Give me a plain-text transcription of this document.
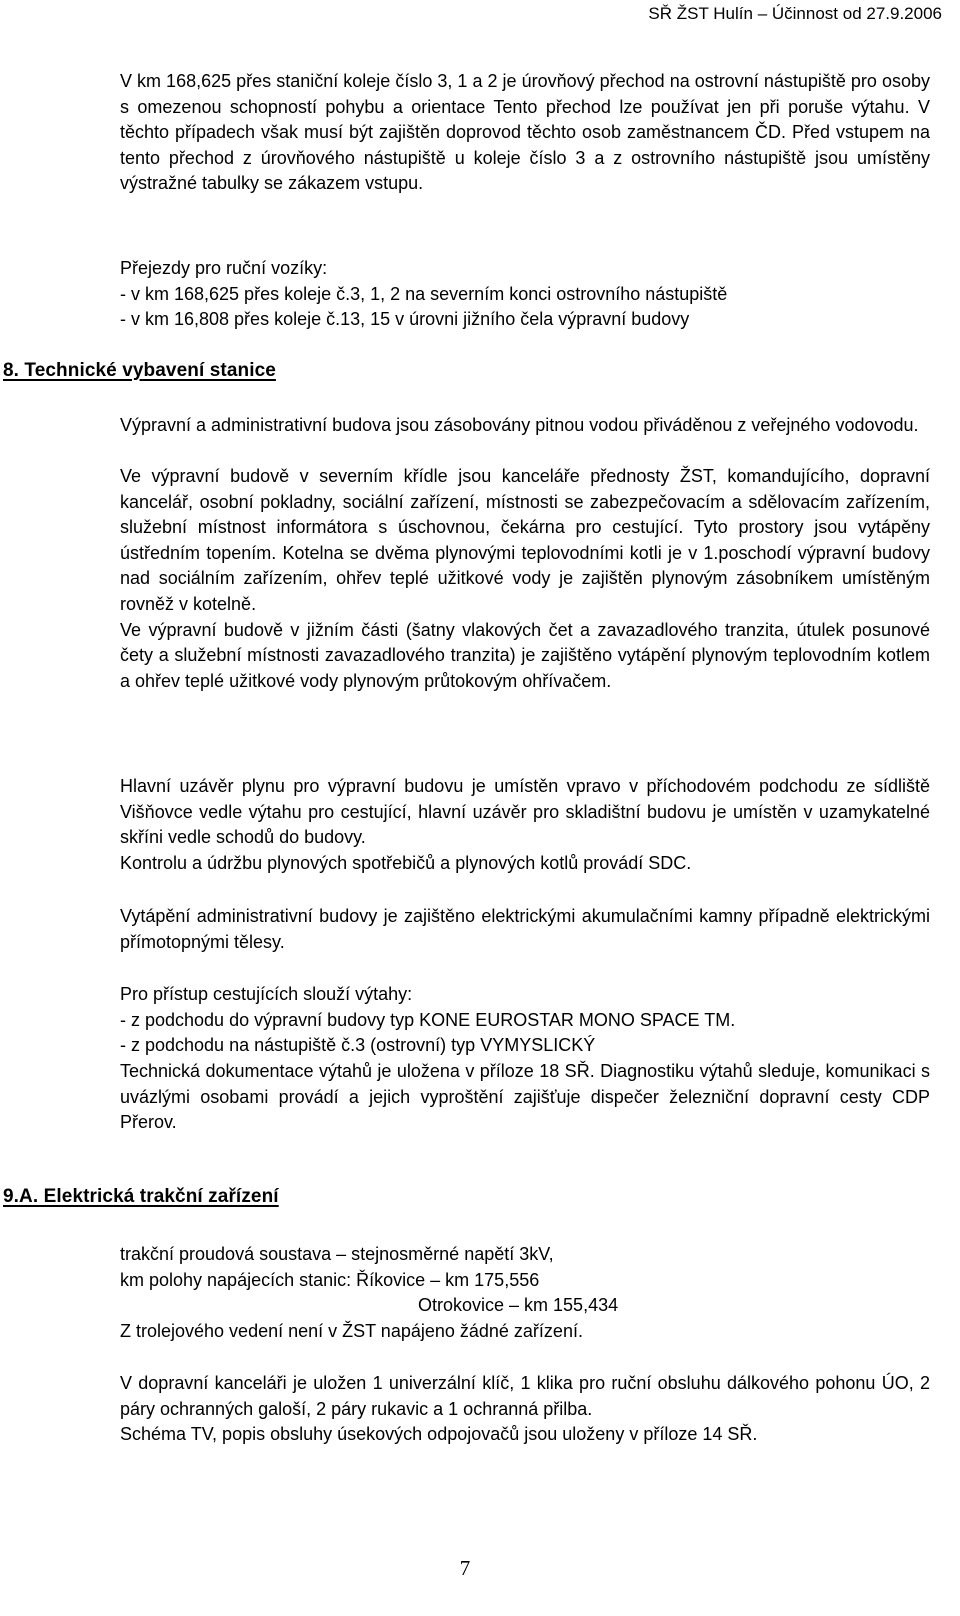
SŘ ŽST Hulín – Účinnost od 27.9.2006

V km 168,625 přes staniční koleje číslo 3, 1 a 2 je úrovňový přechod na ostrovní nástupiště pro osoby s omezenou schopností pohybu a orientace Tento přechod lze používat jen při poruše výtahu. V těchto případech však musí být zajištěn doprovod těchto osob zaměstnancem ČD. Před vstupem na tento přechod z úrovňového nástupiště u koleje číslo 3 a z ostrovního nástupiště jsou umístěny výstražné tabulky se zákazem vstupu.

Přejezdy pro ruční vozíky:
- v km 168,625 přes koleje č.3, 1, 2 na severním konci ostrovního nástupiště
- v km 16,808 přes koleje č.13, 15 v úrovni jižního čela výpravní budovy
8. Technické vybavení stanice

Výpravní a administrativní budova jsou zásobovány pitnou vodou přiváděnou z veřejného vodovodu.

Ve výpravní budově v severním křídle jsou kanceláře přednosty ŽST, komandujícího, dopravní kancelář, osobní pokladny, sociální zařízení, místnosti se zabezpečovacím a sdělovacím zařízením, služební místnost informátora s úschovnou, čekárna pro cestující. Tyto prostory jsou vytápěny ústředním topením. Kotelna se dvěma plynovými teplovodními kotli je v 1.poschodí výpravní budovy nad sociálním zařízením, ohřev teplé užitkové vody je zajištěn plynovým zásobníkem umístěným rovněž v kotelně.

Ve výpravní budově v jižním části (šatny vlakových čet a zavazadlového tranzita, útulek posunové čety a služební místnosti zavazadlového tranzita) je zajištěno vytápění plynovým teplovodním kotlem a ohřev teplé užitkové vody plynovým průtokovým ohřívačem.

Hlavní uzávěr plynu pro výpravní budovu je umístěn vpravo v příchodovém podchodu ze sídliště Višňovce vedle výtahu pro cestující, hlavní uzávěr pro skladištní budovu je umístěn v uzamykatelné skříni vedle schodů do budovy.

Kontrolu a údržbu plynových spotřebičů a plynových kotlů provádí SDC.

Vytápění administrativní budovy je zajištěno elektrickými akumulačními kamny případně elektrickými přímotopnými tělesy.

Pro přístup cestujících slouží výtahy:
- z podchodu do výpravní budovy typ KONE EUROSTAR MONO SPACE TM.
- z podchodu na nástupiště č.3 (ostrovní) typ VYMYSLICKÝ

Technická dokumentace výtahů je uložena v příloze 18 SŘ. Diagnostiku výtahů sleduje, komunikaci s uvázlými osobami provádí a jejich vyproštění zajišťuje dispečer železniční dopravní cesty CDP Přerov.

9.A. Elektrická trakční zařízení
trakční proudová soustava – stejnosměrné napětí 3kV,
km polohy napájecích stanic: Říkovice – km 175,556
Otrokovice – km 155,434
Z trolejového vedení není v ŽST napájeno žádné zařízení.

V dopravní kanceláři je uložen 1 univerzální klíč, 1 klika pro ruční obsluhu dálkového pohonu ÚO, 2 páry ochranných galoší, 2 páry rukavic a 1 ochranná přilba.

Schéma TV, popis obsluhy úsekových odpojovačů jsou uloženy v příloze 14 SŘ.

7
